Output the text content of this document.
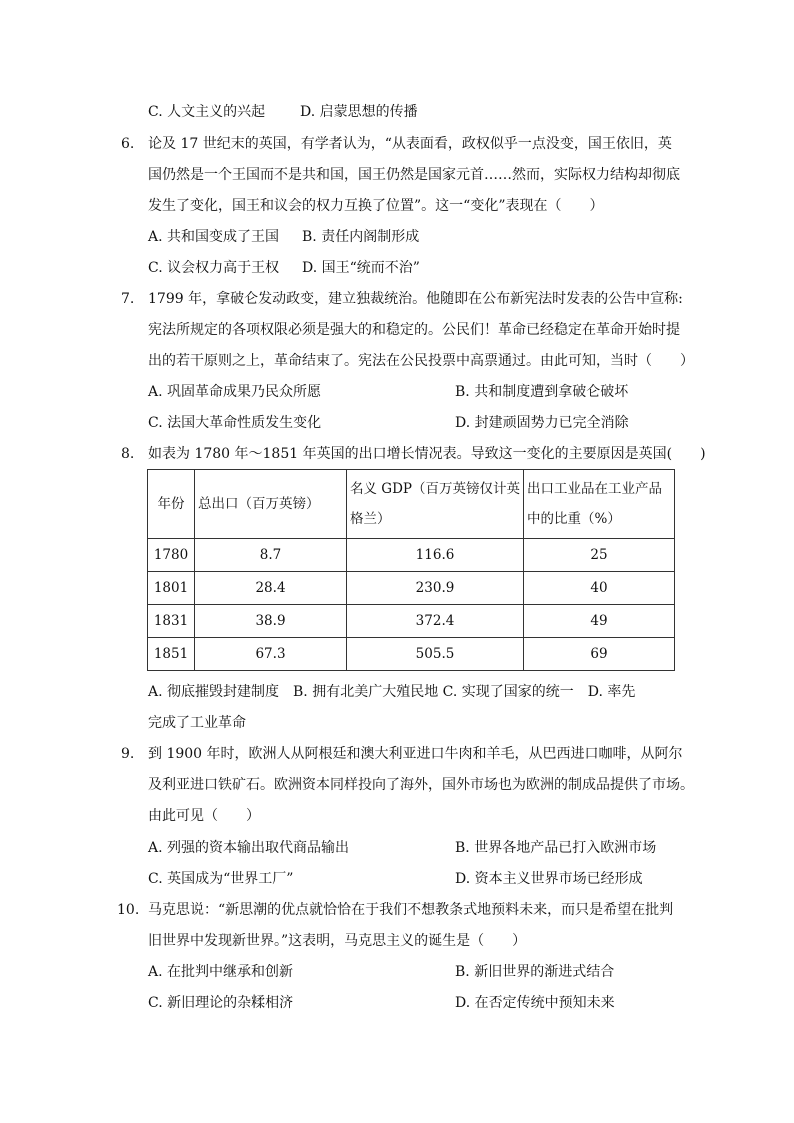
C. 人文主义的兴起 D. 启蒙思想的传播
6. 论及 17 世纪末的英国，有学者认为，“从表面看，政权似乎一点没变，国王依旧，英
国仍然是一个王国而不是共和国，国王仍然是国家元首……然而，实际权力结构却彻底
发生了变化，国王和议会的权力互换了位置”。这一“变化”表现在（　　）
A. 共和国变成了王国 B. 责任内阁制形成
C. 议会权力高于王权 D. 国王“统而不治”
7. 1799 年，拿破仑发动政变，建立独裁统治。他随即在公布新宪法时发表的公告中宣称:
宪法所规定的各项权限必须是强大的和稳定的。公民们！革命已经稳定在革命开始时提
出的若干原则之上，革命结束了。宪法在公民投票中高票通过。由此可知，当时（　　）
A. 巩固革命成果乃民众所愿	B. 共和制度遭到拿破仑破坏
C. 法国大革命性质发生变化	D. 封建顽固势力已完全消除
8. 如表为 1780 年～1851 年英国的出口增长情况表。导致这一变化的主要原因是英国(　　)
年份	总出口（百万英镑）	名义 GDP（百万英镑仅计英格兰）	出口工业品在工业产品中的比重（%）
1780	8.7	116.6	25
1801	28.4	230.9	40
1831	38.9	372.4	49
1851	67.3	505.5	69
A. 彻底摧毁封建制度　B. 拥有北美广大殖民地 C. 实现了国家的统一　D. 率先
完成了工业革命
9. 到 1900 年时，欧洲人从阿根廷和澳大利亚进口牛肉和羊毛，从巴西进口咖啡，从阿尔
及利亚进口铁矿石。欧洲资本同样投向了海外，国外市场也为欧洲的制成品提供了市场。
由此可见（　　）
A. 列强的资本输出取代商品输出	B. 世界各地产品已打入欧洲市场
C. 英国成为“世界工厂”	D. 资本主义世界市场已经形成
10. 马克思说：“新思潮的优点就恰恰在于我们不想教条式地预料未来，而只是希望在批判
旧世界中发现新世界。”这表明，马克思主义的诞生是（　　）
A. 在批判中继承和创新	B. 新旧世界的渐进式结合
C. 新旧理论的杂糅相济	D. 在否定传统中预知未来
